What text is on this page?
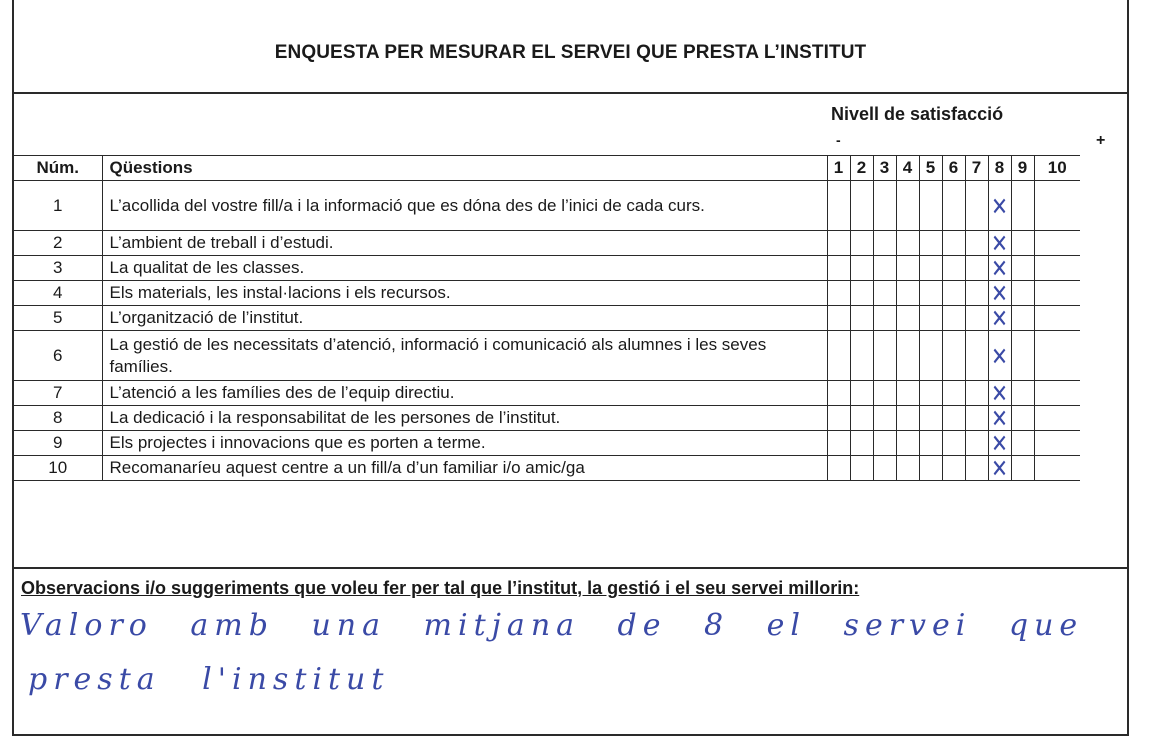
ENQUESTA PER MESURAR EL SERVEI QUE PRESTA L’INSTITUT
Nivell de satisfacció
-	+
Núm.	Qüestions	1	2	3	4	5	6	7	8	9	10
1	L’acollida del vostre fill/a i la informació que es dóna des de l’inici de cada curs.								✕		
2	L’ambient de treball i d’estudi.								✕		
3	La qualitat de les classes.								✕		
4	Els materials, les instal·lacions i els recursos.								✕		
5	L’organització de l’institut.								✕		
6	La gestió de les necessitats d’atenció, informació i comunicació als alumnes i les seves famílies.								✕		
7	L’atenció a les famílies des de l’equip directiu.								✕		
8	La dedicació i la responsabilitat de les persones de l’institut.								✕		
9	Els projectes i innovacions que es porten a terme.								✕		
10	Recomanaríeu aquest centre a un fill/a d’un familiar i/o amic/ga								✕		
Observacions i/o suggeriments que voleu fer per tal que l’institut, la gestió i el seu servei millorin:
Valoro amb una mitjana de 8 el servei que
presta l'institut
